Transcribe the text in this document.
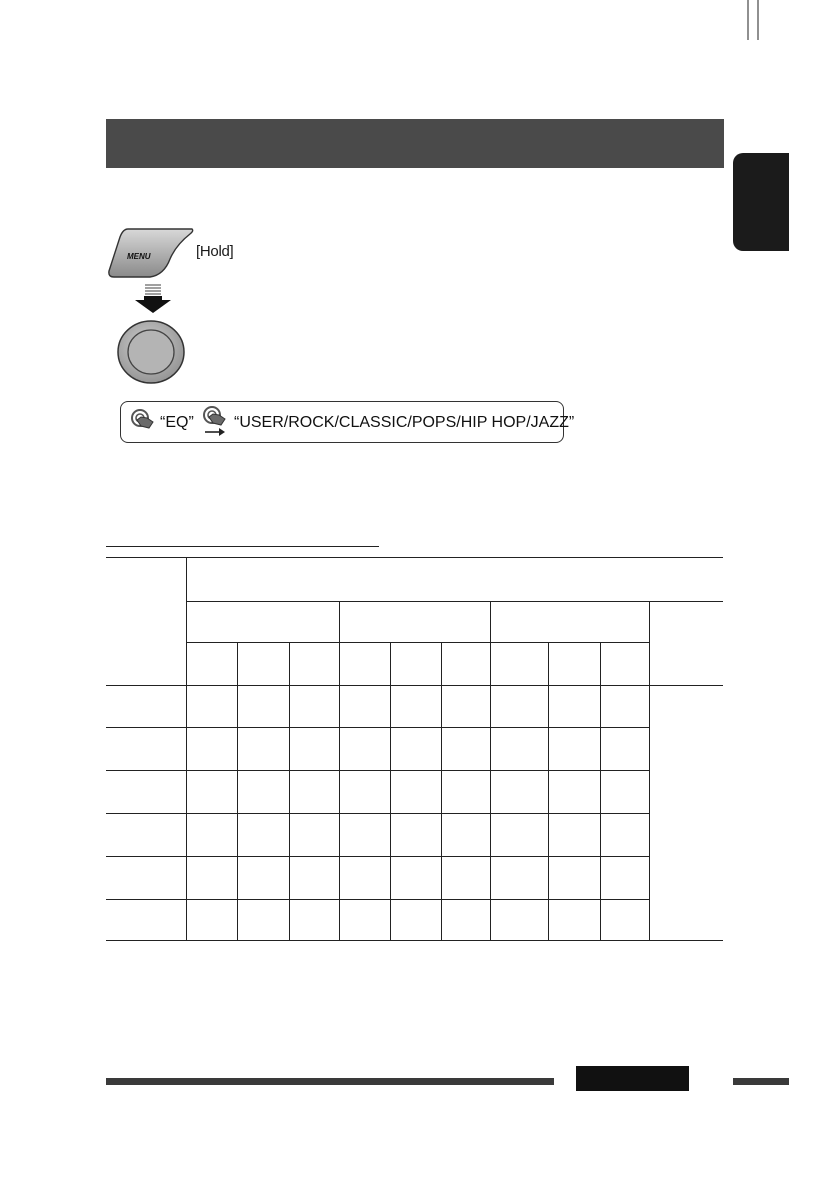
MENU	[Hold]
“EQ”	“USER/ROCK/CLASSIC/POPS/HIP HOP/JAZZ”
